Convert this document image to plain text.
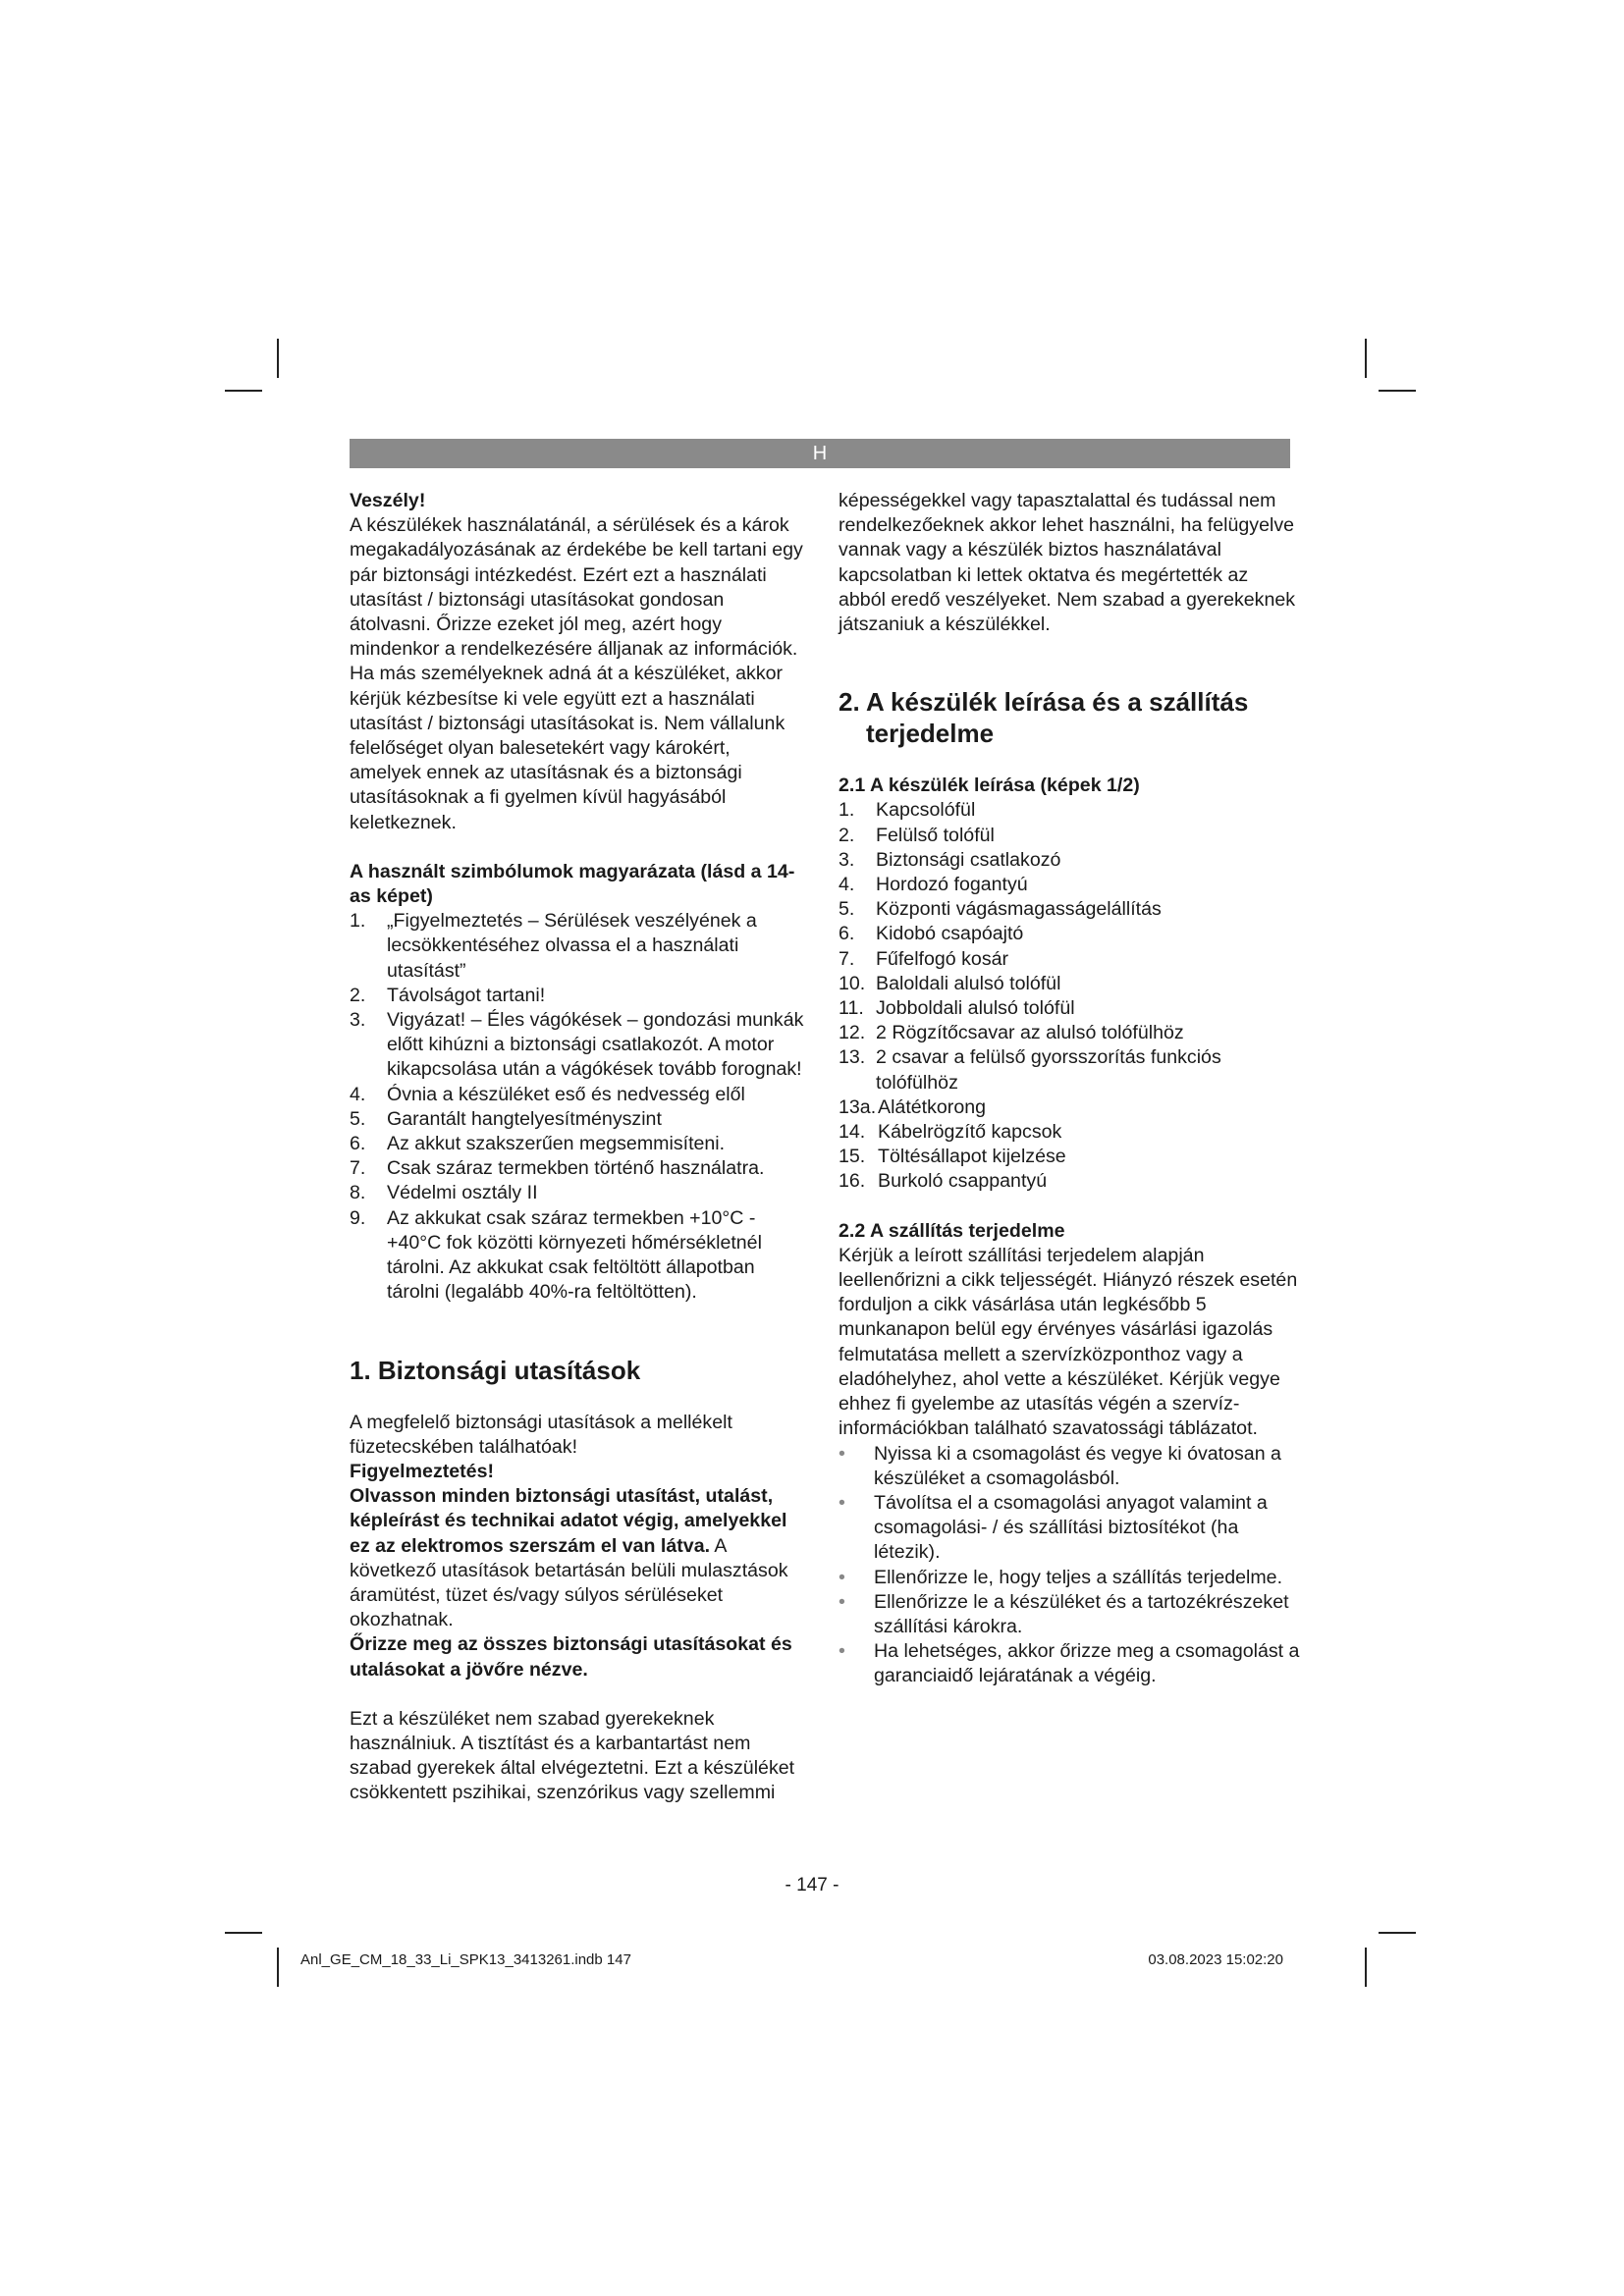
H

Veszély!

A készülékek használatánál, a sérülések és a károk megakadályozásának az érdekébe be kell tartani egy pár biztonsági intézkedést. Ezért ezt a használati utasítást / biztonsági utasításokat gondosan átolvasni. Őrizze ezeket jól meg, azért hogy mindenkor a rendelkezésére álljanak az információk. Ha más személyeknek adná át a készüléket, akkor kérjük kézbesítse ki vele együtt ezt a használati utasítást / biztonsági utasításokat is. Nem vállalunk felelőséget olyan balesetekért vagy károkért, amelyek ennek az utasításnak és a biztonsági utasításoknak a fi gyelmen kívül hagyásából keletkeznek.

A használt szimbólumok magyarázata (lásd a 14-as képet)

1.	„Figyelmeztetés – Sérülések veszélyének a lecsökkentéséhez olvassa el a használati utasítást”
2.	Távolságot tartani!
3.	Vigyázat! – Éles vágókések – gondozási munkák előtt kihúzni a biztonsági csatlakozót. A motor kikapcsolása után a vágókések tovább forognak!
4.	Óvnia a készüléket eső és nedvesség elől
5.	Garantált hangtelyesítményszint
6.	Az akkut szakszerűen megsemmisíteni.
7.	Csak száraz termekben történő használatra.
8.	Védelmi osztály II
9.	Az akkukat csak száraz termekben +10°C - +40°C fok közötti környezeti hőmérsékletnél tárolni. Az akkukat csak feltöltött állapotban tárolni (legalább 40%-ra feltöltötten).
1. Biztonsági utasítások

A megfelelő biztonsági utasítások a mellékelt füzetecskében találhatóak!

Figyelmeztetés!

Olvasson minden biztonsági utasítást, utalást, képleírást és technikai adatot végig, amelyekkel ez az elektromos szerszám el van látva. A következő utasítások betartásán belüli mulasztások áramütést, tüzet és/vagy súlyos sérüléseket okozhatnak.

Őrizze meg az összes biztonsági utasításokat és utalásokat a jövőre nézve.

Ezt a készüléket nem szabad gyerekeknek használniuk. A tisztítást és a karbantartást nem szabad gyerekek által elvégeztetni. Ezt a készüléket csökkentett pszihikai, szenzórikus vagy szellemmi

képességekkel vagy tapasztalattal és tudással nem rendelkezőeknek akkor lehet használni, ha felügyelve vannak vagy a készülék biztos használatával kapcsolatban ki lettek oktatva és megértették az abból eredő veszélyeket. Nem szabad a gyerekeknek játszaniuk a készülékkel.

2. A készülék leírása és a szállítás terjedelme

2.1 A készülék leírása (képek 1/2)

1.	Kapcsolófül
2.	Felülső tolófül
3.	Biztonsági csatlakozó
4.	Hordozó fogantyú
5.	Központi vágásmagasságelállítás
6.	Kidobó csapóajtó
7.	Fűfelfogó kosár
10. Baloldali alulsó tolófül
11. Jobboldali alulsó tolófül
12. 2 Rögzítőcsavar az alulsó tolófülhöz
13. 2 csavar a felülső gyorsszorítás funkciós tolófülhöz
13a. Alátétkorong
14. Kábelrögzítő kapcsok
15. Töltésállapot kijelzése
16. Burkoló csappantyú

2.2 A szállítás terjedelme

Kérjük a leírott szállítási terjedelem alapján leellenőrizni a cikk teljességét. Hiányzó részek esetén forduljon a cikk vásárlása után legkésőbb 5 munkanapon belül egy érvényes vásárlási igazolás felmutatása mellett a szervízközponthoz vagy a eladóhelyhez, ahol vette a készüléket. Kérjük vegye ehhez fi gyelembe az utasítás végén a szervíz-információkban található szavatossági táblázatot.

•	Nyissa ki a csomagolást és vegye ki óvatosan a készüléket a csomagolásból.
•	Távolítsa el a csomagolási anyagot valamint a csomagolási- / és szállítási biztosítékot (ha létezik).
•	Ellenőrizze le, hogy teljes a szállítás terjedelme.
•	Ellenőrizze le a készüléket és a tartozékrészeket szállítási károkra.
•	Ha lehetséges, akkor őrizze meg a csomagolást a garanciaidő lejáratának a végéig.
- 147 -
Anl_GE_CM_18_33_Li_SPK13_3413261.indb 147	03.08.2023 15:02:20
